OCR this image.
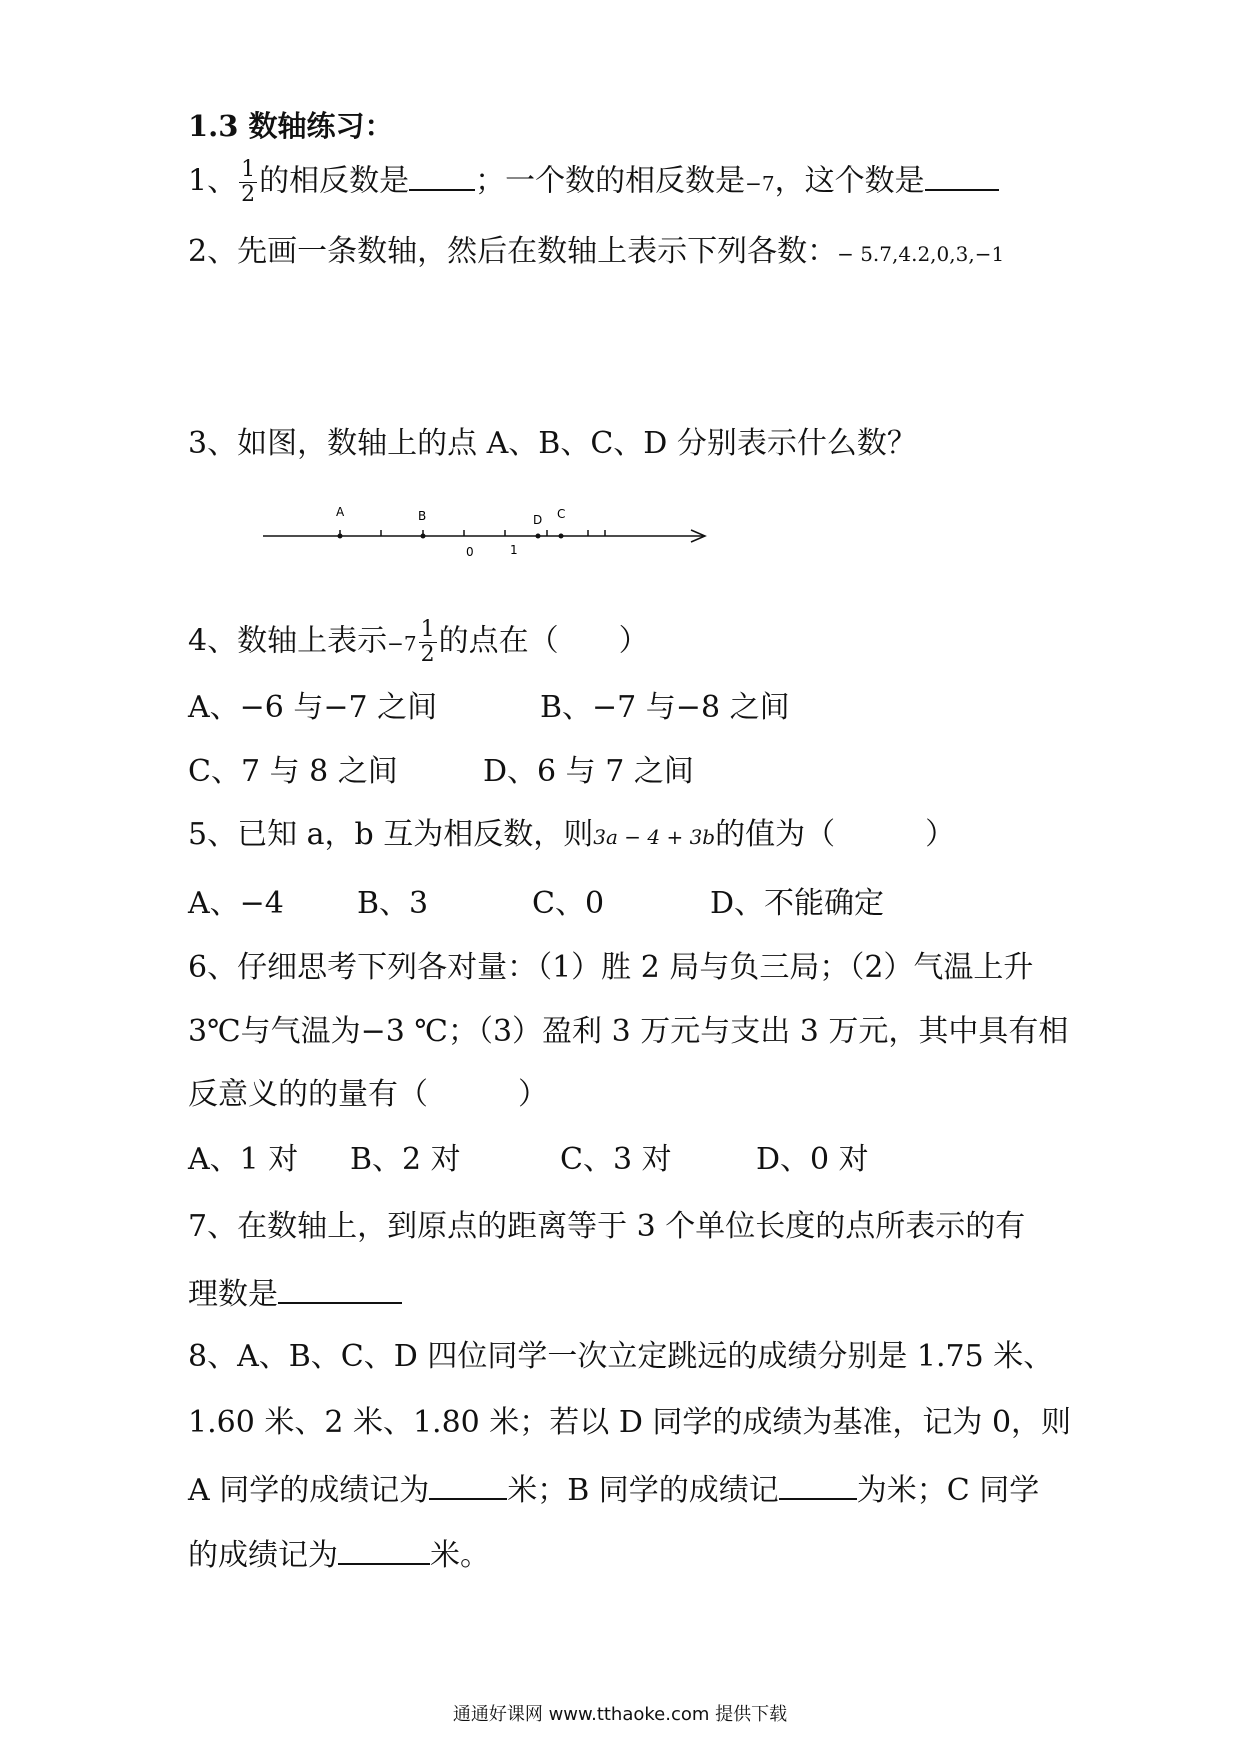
1.3 数轴练习：
1、 $\frac{1}{2}$ 的相反数是 ；一个数的相反数是−7，这个数是
2、先画一条数轴，然后在数轴上表示下列各数：− 5.7,4.2,0,3,−1
3、如图，数轴上的点 A、B、C、D 分别表示什么数？
A	B	D C
0	1
4、数轴上表示$-7 \frac{1}{2}$ 的点在（　　）
A、−6 与−7 之间	B、−7 与−8 之间
C、7 与 8 之间	D、6 与 7 之间
5、已知 a，b 互为相反数，则3a − 4 + 3b的值为（　　　）
A、−4 B、3	C、0	D、不能确定
6、仔细思考下列各对量：（1）胜 2 局与负三局；（2）气温上升
3℃与气温为−3 ℃；（3）盈利 3 万元与支出 3 万元，其中具有相
反意义的的量有（　　　）
A、1 对 B、2 对	C、3 对	D、0 对
7、在数轴上，到原点的距离等于 3 个单位长度的点所表示的有
理数是
8、A、B、C、D 四位同学一次立定跳远的成绩分别是 1.75 米、
1.60 米、2 米、1.80 米；若以 D 同学的成绩为基准，记为 0，则
A 同学的成绩记为	米；B 同学的成绩记	为米；C 同学
的成绩记为	米。
通通好课网 www.tthaoke.com 提供下载
